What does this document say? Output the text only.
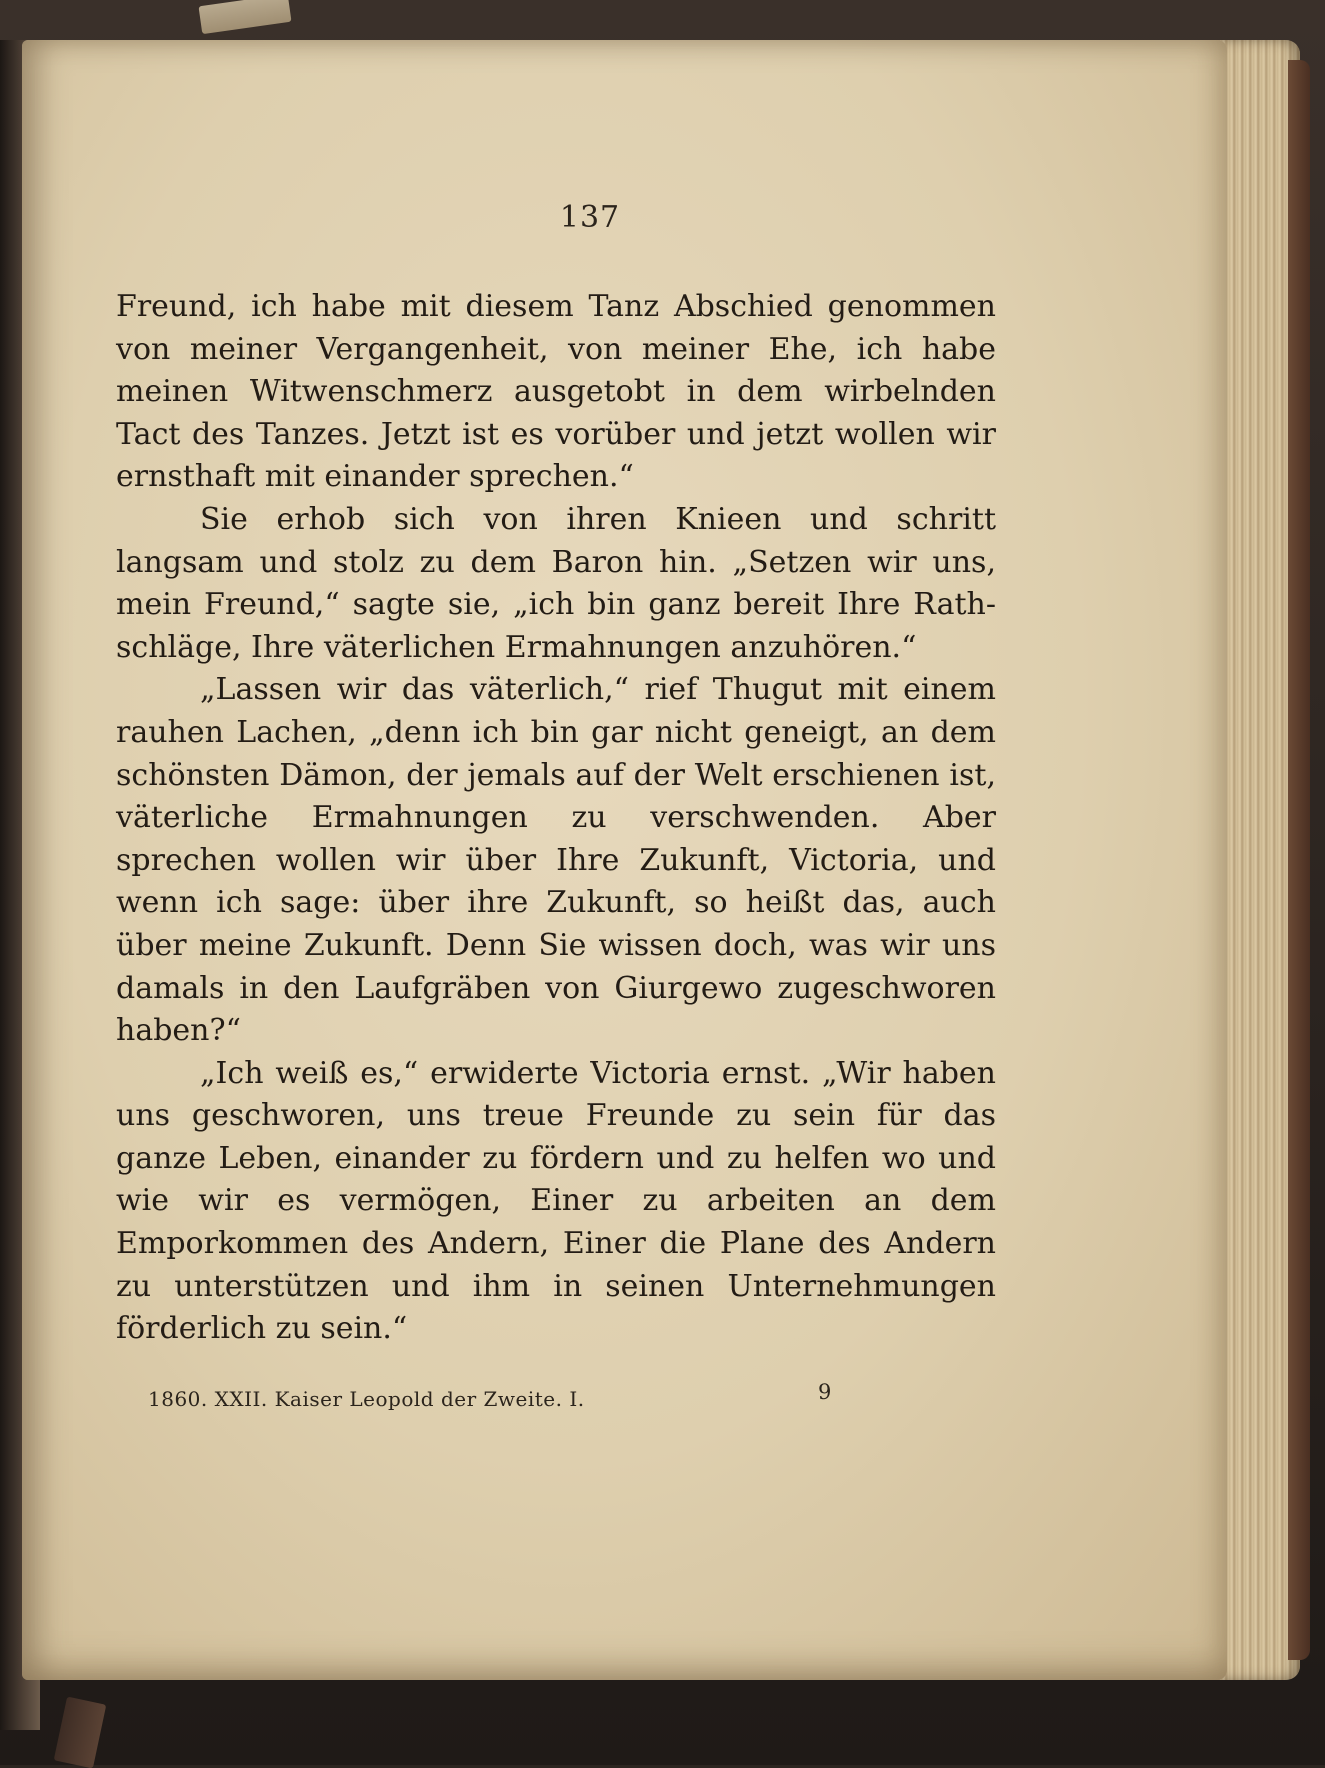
137

Freund, ich habe mit diesem Tanz Abschied genommen von meiner Vergangenheit, von meiner Ehe, ich habe meinen Witwenschmerz ausgetobt in dem wirbelnden Tact des Tanzes. Jetzt ist es vorüber und jetzt wollen wir ernsthaft mit einander sprechen.“

Sie erhob sich von ihren Knieen und schritt langsam und stolz zu dem Baron hin. „Setzen wir uns, mein Freund,“ sagte sie, „ich bin ganz bereit Ihre Rathschläge, Ihre väterlichen Ermahnungen anzuhören.“

„Lassen wir das väterlich,“ rief Thugut mit einem rauhen Lachen, „denn ich bin gar nicht geneigt, an dem schönsten Dämon, der jemals auf der Welt erschienen ist, väterliche Ermahnungen zu verschwenden. Aber sprechen wollen wir über Ihre Zukunft, Victoria, und wenn ich sage: über ihre Zukunft, so heißt das, auch über meine Zukunft. Denn Sie wissen doch, was wir uns damals in den Laufgräben von Giurgewo zugeschworen haben?“

„Ich weiß es,“ erwiderte Victoria ernst. „Wir haben uns geschworen, uns treue Freunde zu sein für das ganze Leben, einander zu fördern und zu helfen wo und wie wir es vermögen, Einer zu arbeiten an dem Emporkommen des Andern, Einer die Plane des Andern zu unterstützen und ihm in seinen Unternehmungen förderlich zu sein.“

1860. XXII. Kaiser Leopold der Zweite. I.	9
